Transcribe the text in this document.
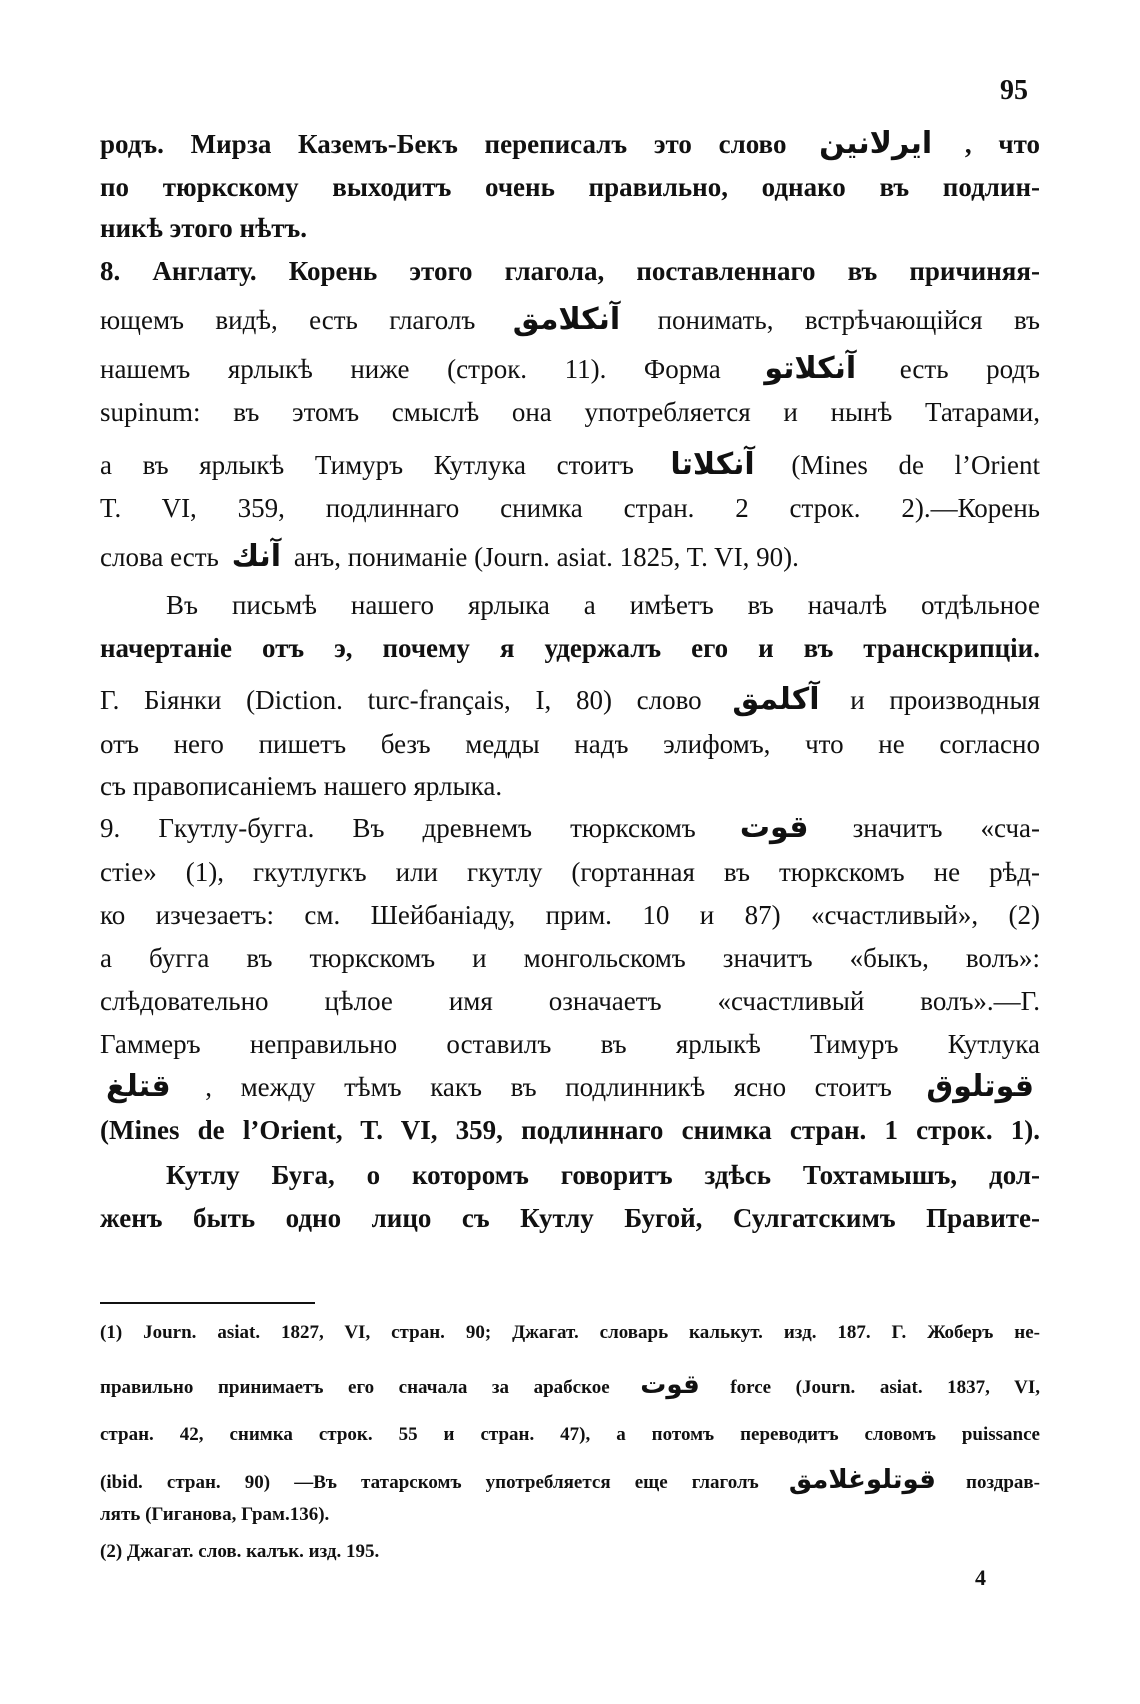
95
родъ. Мирза Каземъ-Бекъ переписалъ это слово ايرلانين , что
по тюркскому выходитъ очень правильно, однако въ подлин-
никѣ этого нѣтъ.
8. Англату. Корень этого глагола, поставленнаго въ причиняя-
ющемъ видѣ, есть глаголъ آنكلامق понимать, встрѣчающійся въ
нашемъ ярлыкѣ ниже (строк. 11). Форма آنكلاتو есть родъ
supinum: въ этомъ смыслѣ она употребляется и нынѣ Татарами,
а въ ярлыкѣ Тимуръ Кутлука стоитъ آنكلاتا (Mines de l’Orient
T. VI, 359, подлиннаго снимка стран. 2 строк. 2).—Корень
слова есть آنك анъ, пониманіе (Journ. asiat. 1825, T. VI, 90).
Въ письмѣ нашего ярлыка а имѣетъ въ началѣ отдѣльное
начертаніе отъ э, почему я удержалъ его и въ транскрипціи.
Г. Біянки (Diction. turc-français, I, 80) слово آكلمق и производныя
отъ него пишетъ безъ медды надъ элифомъ, что не согласно
съ правописаніемъ нашего ярлыка.
9. Гкутлу-бугга. Въ древнемъ тюркскомъ قوت значитъ «сча-
стіе» (1), гкутлугкъ или гкутлу (гортанная въ тюркскомъ не рѣд-
ко изчезаетъ: см. Шейбаніаду, прим. 10 и 87) «счастливый», (2)
а бугга въ тюркскомъ и монгольскомъ значитъ «быкъ, волъ»:
слѣдовательно цѣлое имя означаетъ «счастливый волъ».—Г.
Гаммеръ неправильно оставилъ въ ярлыкѣ Тимуръ Кутлука
قتلغ , между тѣмъ какъ въ подлинникѣ ясно стоитъ قوتلوق
(Mines de l’Orient, T. VI, 359, подлиннаго снимка стран. 1 строк. 1).
Кутлу Буга, о которомъ говоритъ здѣсь Тохтамышъ, дол-
женъ быть одно лицо съ Кутлу Бугой, Сулгатскимъ Правите-
(1) Journ. asiat. 1827, VI, стран. 90; Джагат. словарь калькут. изд. 187. Г. Жоберъ не-
правильно принимаетъ его сначала за арабское قوت force (Journ. asiat. 1837, VI,
стран. 42, снимка строк. 55 и стран. 47), а потомъ переводитъ словомъ puissance
(ibid. стран. 90) —Въ татарскомъ употребляется еще глаголъ قوتلوغلامق поздрав-
лять (Гиганова, Грам.136).
(2) Джагат. слов. калък. изд. 195.
4
